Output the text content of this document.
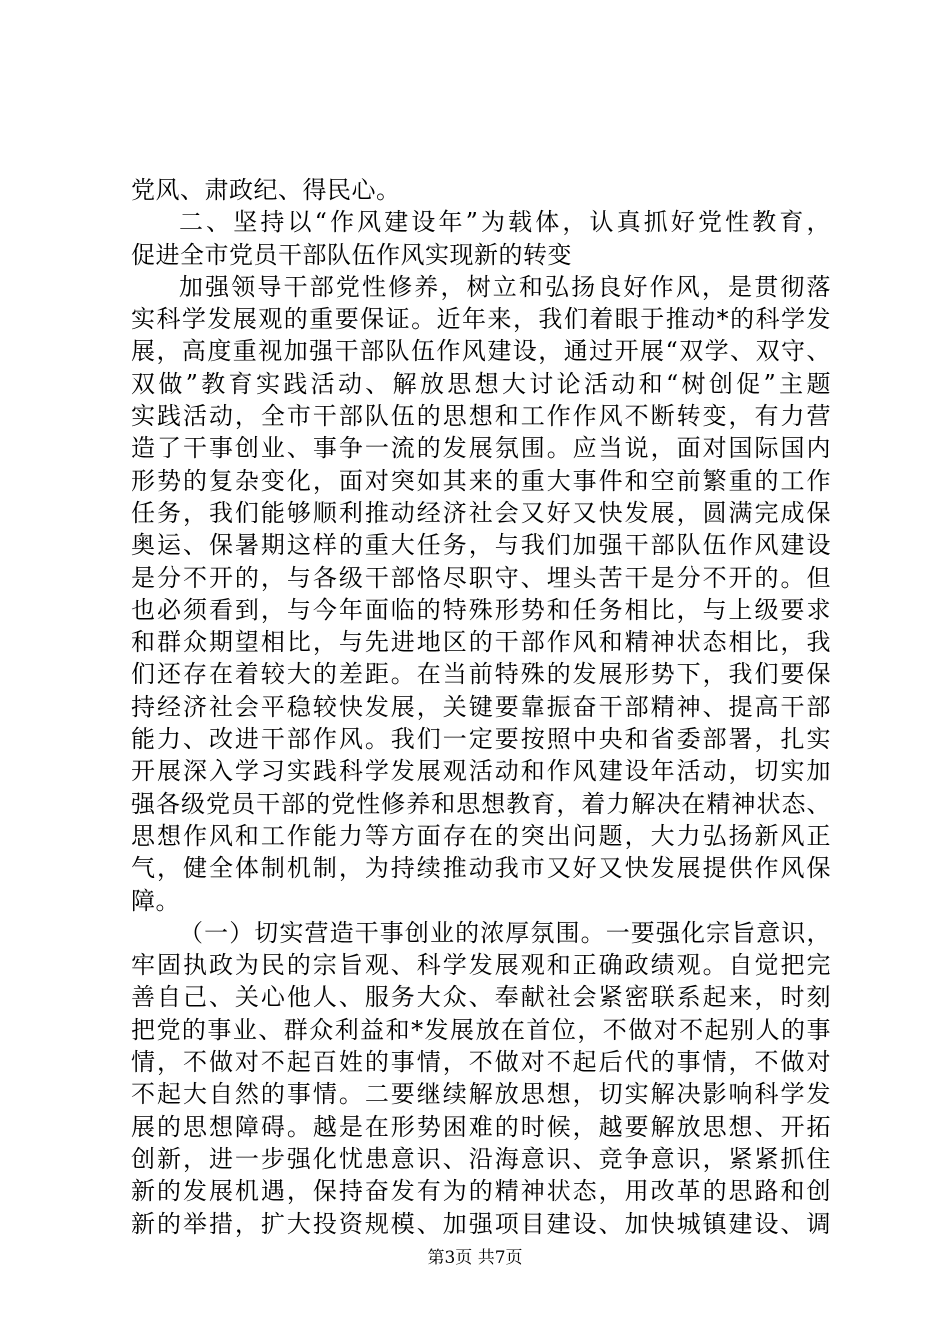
党风、肃政纪、得民心。
二、坚持以“作风建设年”为载体，认真抓好党性教育，
促进全市党员干部队伍作风实现新的转变
加强领导干部党性修养，树立和弘扬良好作风，是贯彻落
实科学发展观的重要保证。近年来，我们着眼于推动*的科学发
展，高度重视加强干部队伍作风建设，通过开展“双学、双守、
双做”教育实践活动、解放思想大讨论活动和“树创促”主题
实践活动，全市干部队伍的思想和工作作风不断转变，有力营
造了干事创业、事争一流的发展氛围。应当说，面对国际国内
形势的复杂变化，面对突如其来的重大事件和空前繁重的工作
任务，我们能够顺利推动经济社会又好又快发展，圆满完成保
奥运、保暑期这样的重大任务，与我们加强干部队伍作风建设
是分不开的，与各级干部恪尽职守、埋头苦干是分不开的。但
也必须看到，与今年面临的特殊形势和任务相比，与上级要求
和群众期望相比，与先进地区的干部作风和精神状态相比，我
们还存在着较大的差距。在当前特殊的发展形势下，我们要保
持经济社会平稳较快发展，关键要靠振奋干部精神、提高干部
能力、改进干部作风。我们一定要按照中央和省委部署，扎实
开展深入学习实践科学发展观活动和作风建设年活动，切实加
强各级党员干部的党性修养和思想教育，着力解决在精神状态、
思想作风和工作能力等方面存在的突出问题，大力弘扬新风正
气，健全体制机制，为持续推动我市又好又快发展提供作风保
障。
（一）切实营造干事创业的浓厚氛围。一要强化宗旨意识，
牢固执政为民的宗旨观、科学发展观和正确政绩观。自觉把完
善自己、关心他人、服务大众、奉献社会紧密联系起来，时刻
把党的事业、群众利益和*发展放在首位，不做对不起别人的事
情，不做对不起百姓的事情，不做对不起后代的事情，不做对
不起大自然的事情。二要继续解放思想，切实解决影响科学发
展的思想障碍。越是在形势困难的时候，越要解放思想、开拓
创新，进一步强化忧患意识、沿海意识、竞争意识，紧紧抓住
新的发展机遇，保持奋发有为的精神状态，用改革的思路和创
新的举措，扩大投资规模、加强项目建设、加快城镇建设、调
第3页 共7页
